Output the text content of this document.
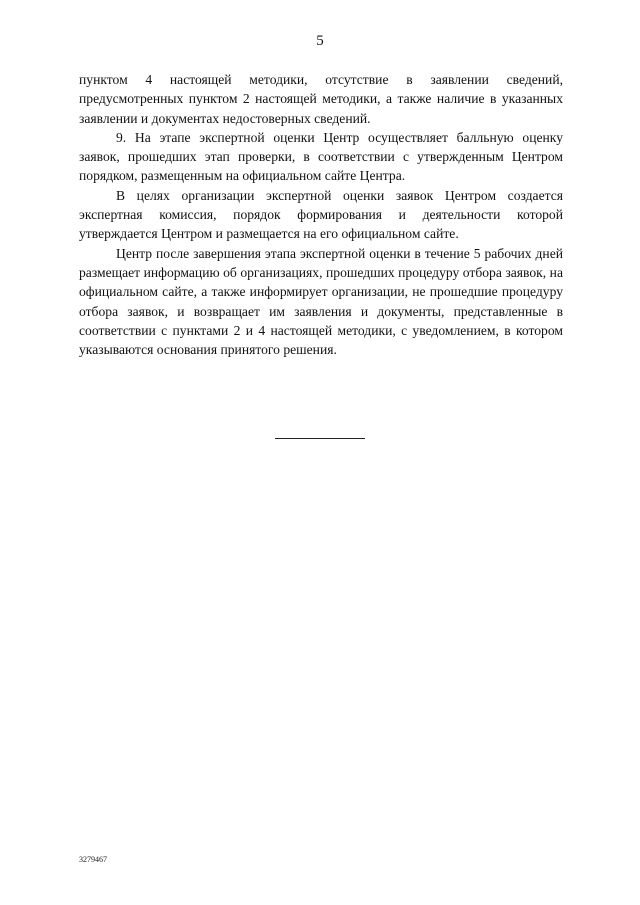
5

пунктом 4 настоящей методики, отсутствие в заявлении сведений, предусмотренных пунктом 2 настоящей методики, а также наличие в указанных заявлении и документах недостоверных сведений.

9. На этапе экспертной оценки Центр осуществляет балльную оценку заявок, прошедших этап проверки, в соответствии с утвержденным Центром порядком, размещенным на официальном сайте Центра.

В целях организации экспертной оценки заявок Центром создается экспертная комиссия, порядок формирования и деятельности которой утверждается Центром и размещается на его официальном сайте.

Центр после завершения этапа экспертной оценки в течение 5 рабочих дней размещает информацию об организациях, прошедших процедуру отбора заявок, на официальном сайте, а также информирует организации, не прошедшие процедуру отбора заявок, и возвращает им заявления и документы, представленные в соответствии с пунктами 2 и 4 настоящей методики, с уведомлением, в котором указываются основания принятого решения.

3279467
